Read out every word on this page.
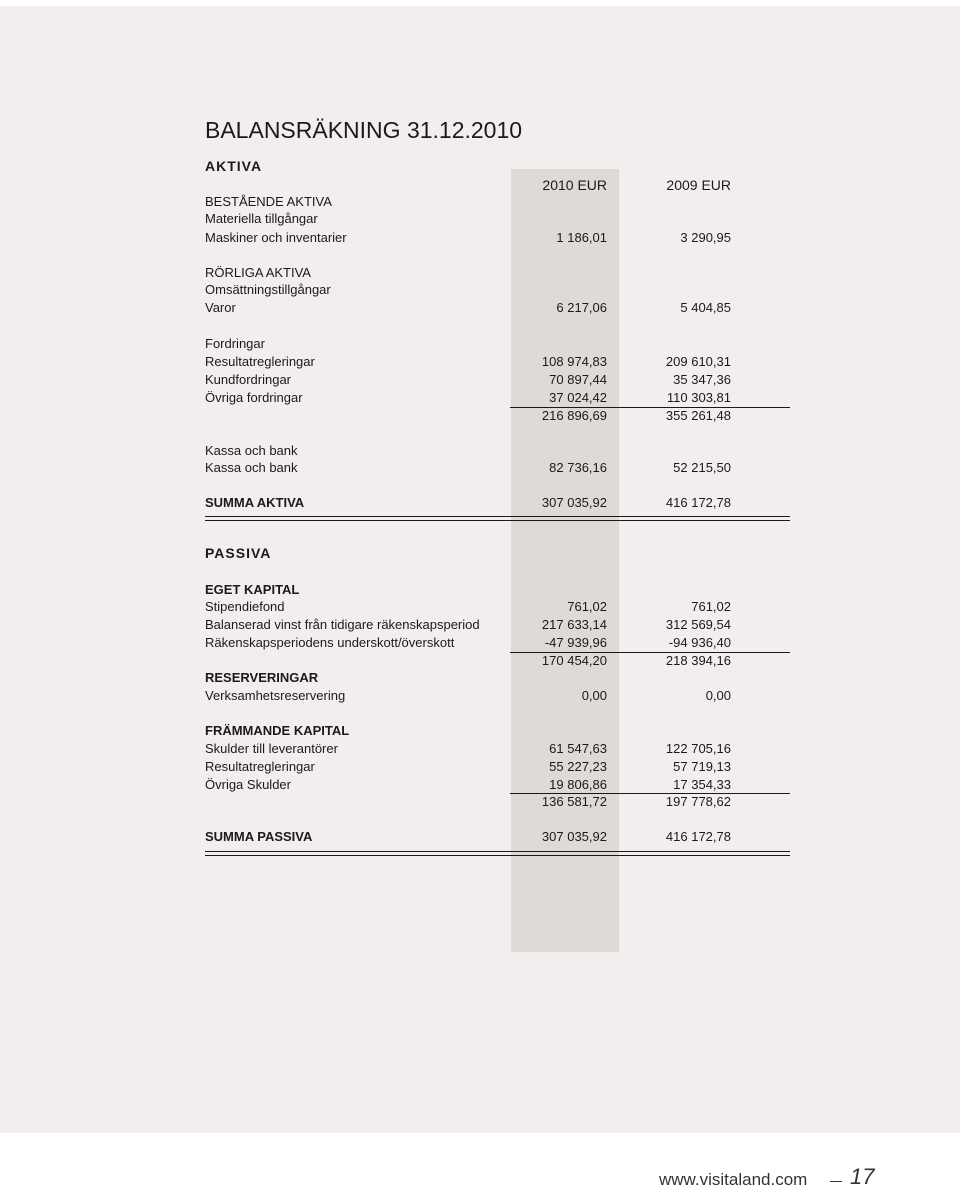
BALANSRÄKNING 31.12.2010
AKTIVA
2010 EUR	2009 EUR
BESTÅENDE AKTIVA
Materiella tillgångar
Maskiner och inventarier	1 186,01	3 290,95
RÖRLIGA AKTIVA
Omsättningstillgångar
Varor	6 217,06	5 404,85
Fordringar
Resultatregleringar	108 974,83	209 610,31
Kundfordringar	70 897,44	35 347,36
Övriga fordringar	37 024,42	110 303,81
216 896,69	355 261,48
Kassa och bank
Kassa och bank	82 736,16	52 215,50
SUMMA AKTIVA	307 035,92	416 172,78
PASSIVA
EGET KAPITAL
Stipendiefond	761,02	761,02
Balanserad vinst från tidigare räkenskapsperiod	217 633,14	312 569,54
Räkenskapsperiodens underskott/överskott	-47 939,96	-94 936,40
170 454,20	218 394,16
RESERVERINGAR
Verksamhetsreservering	0,00	0,00
FRÄMMANDE KAPITAL
Skulder till leverantörer	61 547,63	122 705,16
Resultatregleringar	55 227,23	57 719,13
Övriga Skulder	19 806,86	17 354,33
136 581,72	197 778,62
SUMMA PASSIVA	307 035,92	416 172,78
www.visitaland.com 17
